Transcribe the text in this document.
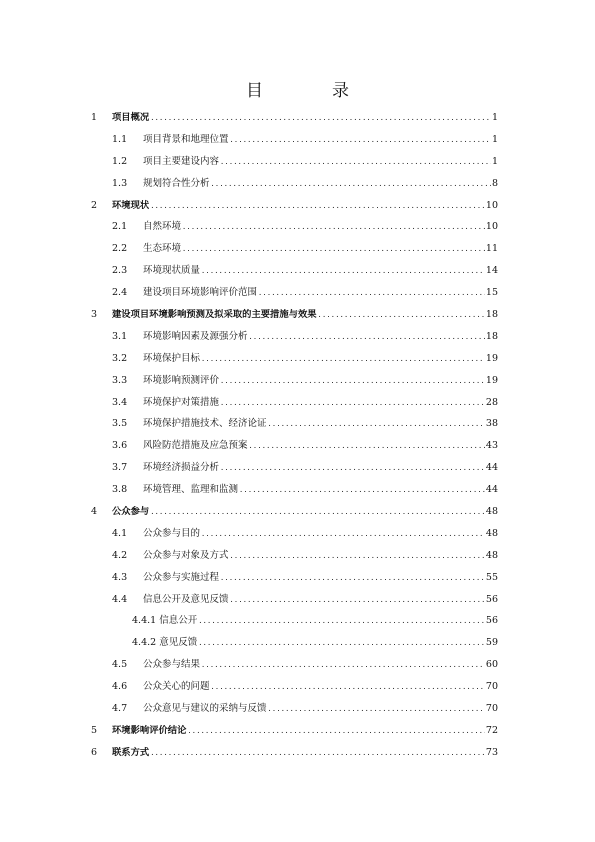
目　录
1 项目概况 .....	1
1.1 项目背景和地理位置 .....	1
1.2 项目主要建设内容 .....	1
1.3 规划符合性分析 .....	8
2 环境现状 .....	10
2.1 自然环境 .....	10
2.2 生态环境 .....	11
2.3 环境现状质量 .....	14
2.4 建设项目环境影响评价范围 .....	15
3 建设项目环境影响预测及拟采取的主要措施与效果 .....	18
3.1 环境影响因素及源强分析 .....	18
3.2 环境保护目标 .....	19
3.3 环境影响预测评价 .....	19
3.4 环境保护对策措施 .....	28
3.5 环境保护措施技术、经济论证 .....	38
3.6 风险防范措施及应急预案 .....	43
3.7 环境经济损益分析 .....	44
3.8 环境管理、监理和监测 .....	44
4 公众参与 .....	48
4.1 公众参与目的 .....	48
4.2 公众参与对象及方式 .....	48
4.3 公众参与实施过程 .....	55
4.4 信息公开及意见反馈 .....	56
4.4.1 信息公开 .....	56
4.4.2 意见反馈 .....	59
4.5 公众参与结果 .....	60
4.6 公众关心的问题 .....	70
4.7 公众意见与建议的采纳与反馈 .....	70
5 环境影响评价结论 .....	72
6 联系方式 .....	73
